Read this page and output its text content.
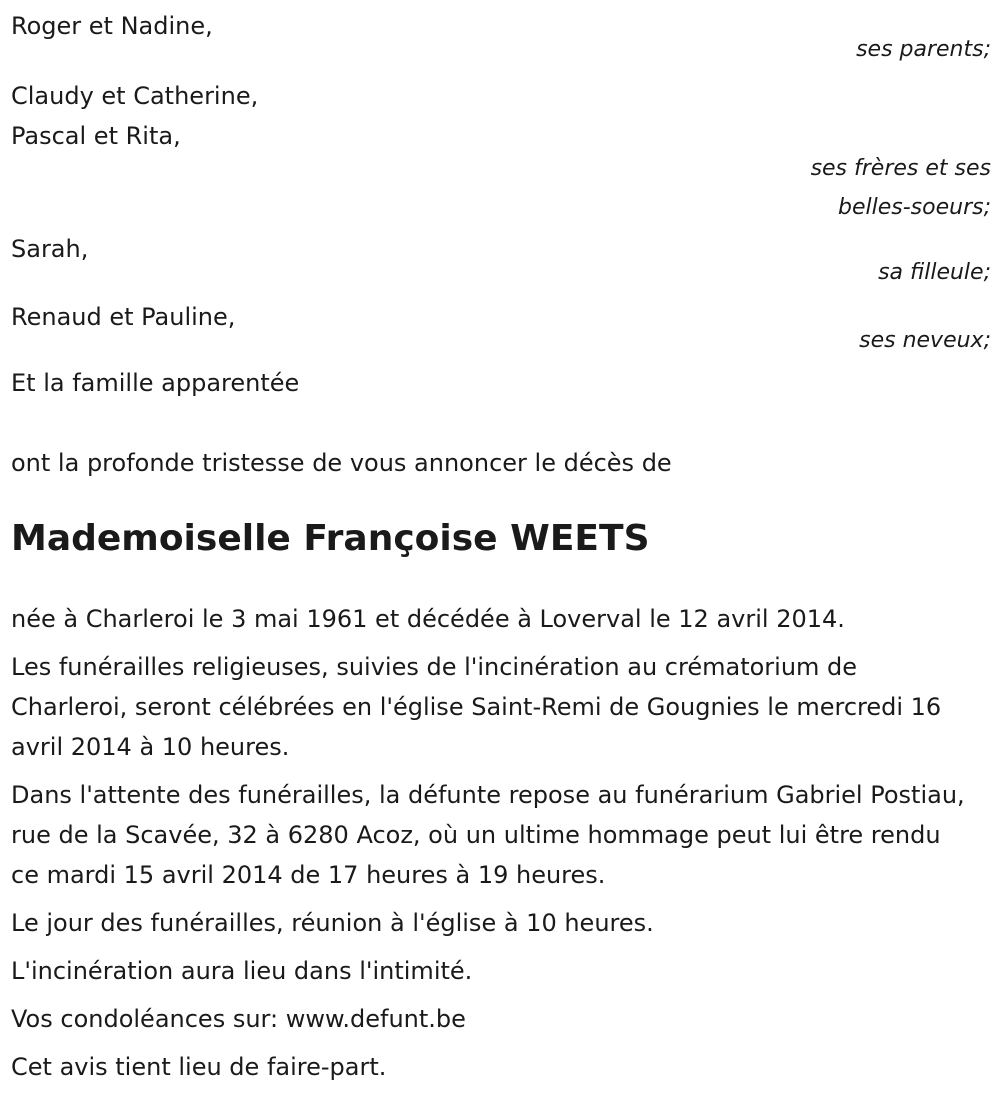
Roger et Nadine,
ses parents;
Claudy et Catherine,
Pascal et Rita,
ses frères et ses
belles-soeurs;
Sarah,
sa filleule;
Renaud et Pauline,
ses neveux;
Et la famille apparentée
ont la profonde tristesse de vous annoncer le décès de
Mademoiselle Françoise WEETS
née à Charleroi le 3 mai 1961 et décédée à Loverval le 12 avril 2014.
Les funérailles religieuses, suivies de l'incinération au crématorium de Charleroi, seront célébrées en l'église Saint-Remi de Gougnies le mercredi 16 avril 2014 à 10 heures.
Dans l'attente des funérailles, la défunte repose au funérarium Gabriel Postiau, rue de la Scavée, 32 à 6280 Acoz, où un ultime hommage peut lui être rendu ce mardi 15 avril 2014 de 17 heures à 19 heures.
Le jour des funérailles, réunion à l'église à 10 heures.
L'incinération aura lieu dans l'intimité.
Vos condoléances sur: www.defunt.be
Cet avis tient lieu de faire-part.
